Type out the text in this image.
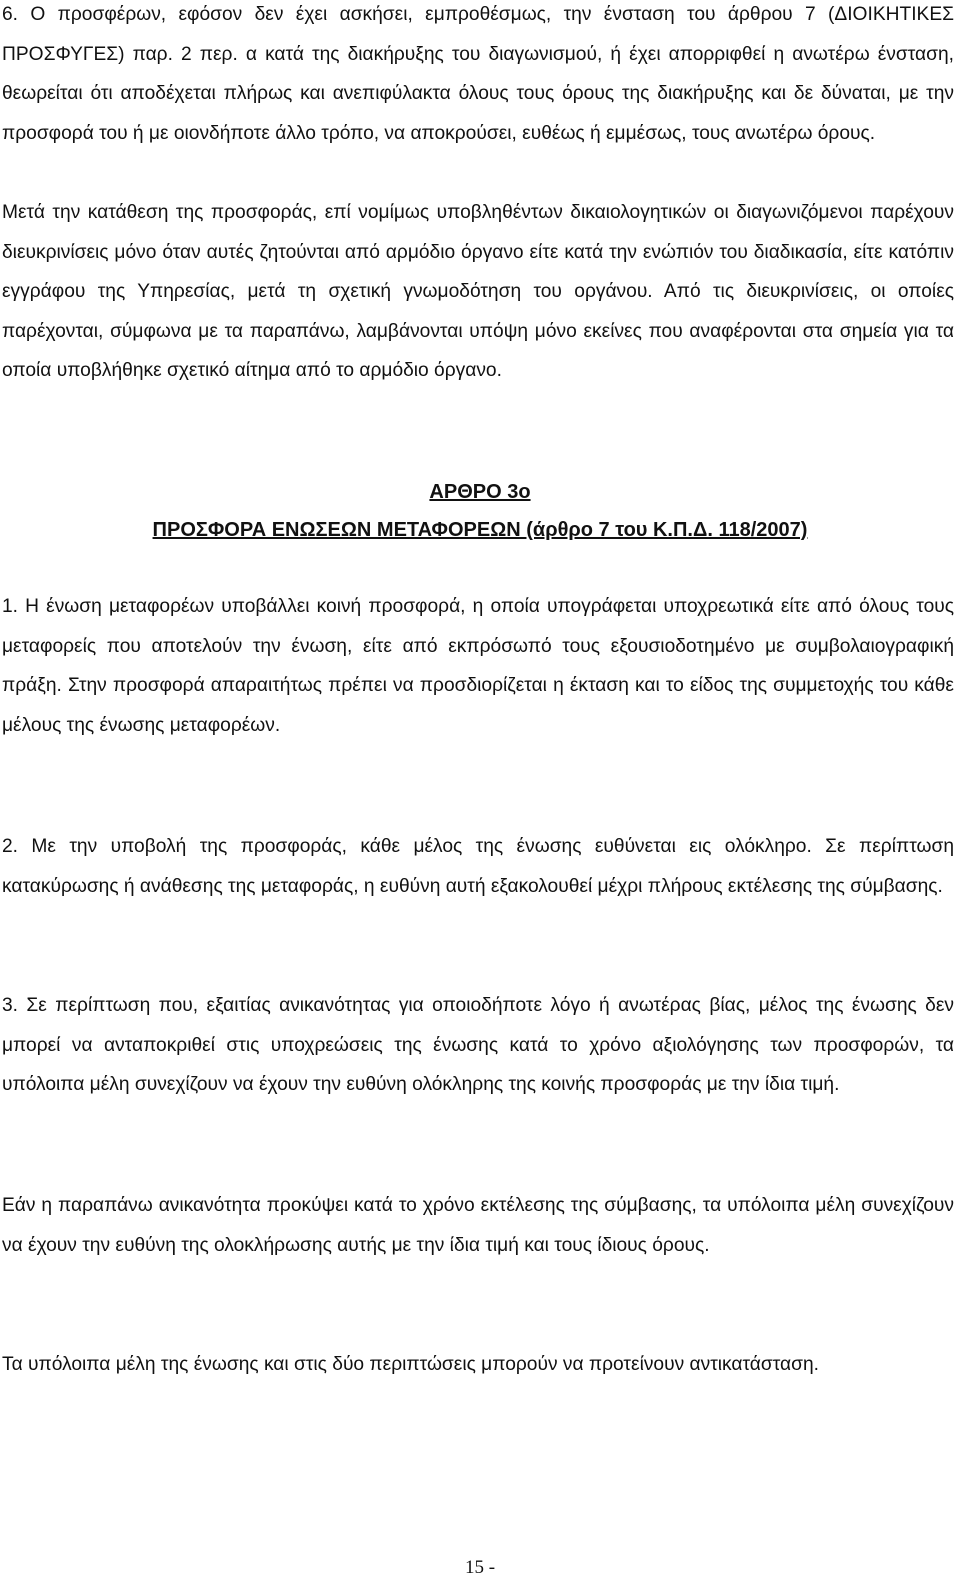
6. Ο προσφέρων, εφόσον δεν έχει ασκήσει, εμπροθέσμως, την ένσταση του άρθρου 7 (ΔΙΟΙΚΗΤΙΚΕΣ ΠΡΟΣΦΥΓΕΣ) παρ. 2 περ. α κατά της διακήρυξης του διαγωνισμού, ή έχει απορριφθεί η ανωτέρω ένσταση, θεωρείται ότι αποδέχεται πλήρως και ανεπιφύλακτα όλους τους όρους της διακήρυξης και δε δύναται, με την προσφορά του ή με οιονδήποτε άλλο τρόπο, να αποκρούσει, ευθέως ή εμμέσως, τους ανωτέρω όρους.

Μετά την κατάθεση της προσφοράς, επί νομίμως υποβληθέντων δικαιολογητικών οι διαγωνιζόμενοι παρέχουν διευκρινίσεις μόνο όταν αυτές ζητούνται από αρμόδιο όργανο είτε κατά την ενώπιόν του διαδικασία, είτε κατόπιν εγγράφου της Υπηρεσίας, μετά τη σχετική γνωμοδότηση του οργάνου. Από τις διευκρινίσεις, οι οποίες παρέχονται, σύμφωνα με τα παραπάνω, λαμβάνονται υπόψη μόνο εκείνες που αναφέρονται στα σημεία για τα οποία υποβλήθηκε σχετικό αίτημα από το αρμόδιο όργανο.

ΑΡΘΡΟ 3ο

ΠΡΟΣΦΟΡΑ ΕΝΩΣΕΩΝ ΜΕΤΑΦΟΡΕΩΝ (άρθρο 7 του Κ.Π.Δ. 118/2007)

1. Η ένωση μεταφορέων υποβάλλει κοινή προσφορά, η οποία υπογράφεται υποχρεωτικά είτε από όλους τους μεταφορείς που αποτελούν την ένωση, είτε από εκπρόσωπό τους εξουσιοδοτημένο με συμβολαιογραφική πράξη. Στην προσφορά απαραιτήτως πρέπει να προσδιορίζεται η έκταση και το είδος της συμμετοχής του κάθε μέλους της ένωσης μεταφορέων.

2. Με την υποβολή της προσφοράς, κάθε μέλος της ένωσης ευθύνεται εις ολόκληρο. Σε περίπτωση κατακύρωσης ή ανάθεσης της μεταφοράς, η ευθύνη αυτή εξακολουθεί μέχρι πλήρους εκτέλεσης της σύμβασης.

3. Σε περίπτωση που, εξαιτίας ανικανότητας για οποιοδήποτε λόγο ή ανωτέρας βίας, μέλος της ένωσης δεν μπορεί να ανταποκριθεί στις υποχρεώσεις της ένωσης κατά το χρόνο αξιολόγησης των προσφορών, τα υπόλοιπα μέλη συνεχίζουν να έχουν την ευθύνη ολόκληρης της κοινής προσφοράς με την ίδια τιμή.

Εάν η παραπάνω ανικανότητα προκύψει κατά το χρόνο εκτέλεσης της σύμβασης, τα υπόλοιπα μέλη συνεχίζουν να έχουν την ευθύνη της ολοκλήρωσης αυτής με την ίδια τιμή και τους ίδιους όρους.

Τα υπόλοιπα μέλη της ένωσης και στις δύο περιπτώσεις μπορούν να προτείνουν αντικατάσταση.

15 -
